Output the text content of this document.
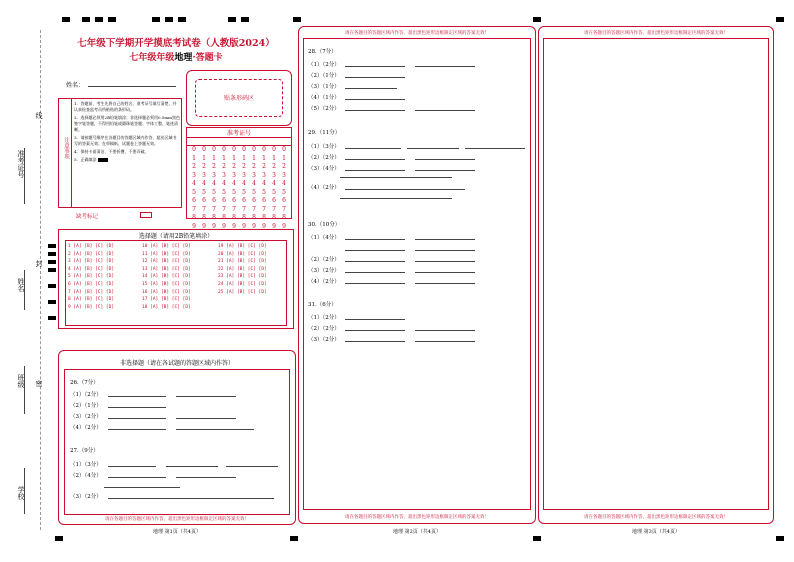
准考证号
姓名
班级
学校
线
封
密
七年级下学期开学摸底考试卷（人教版2024）
七年级年级地理·答题卡
姓名：
贴条形码区
注意事项
1．答题前，考生先将自己的姓名、准考证号填写清楚，并认真检查监考员所粘贴的条形码。
2．选择题必须用2B铅笔填涂；非选择题必须用0.5mm黑色签字笔答题，不得用铅笔或圆珠笔答题；字体工整、笔迹清晰。
3．请按题号顺序在各题目的答题区域内作答，超出区域书写的答案无效；在草稿纸、试题卷上答题无效。
4．保持卡面清洁，不要折叠、不要弄破。
5．正确填涂
缺考标记
准考证号
0
1
2
3
4
5
6
7
8
9
0
1
2
3
4
5
6
7
8
9
0
1
2
3
4
5
6
7
8
9
0
1
2
3
4
5
6
7
8
9
0
1
2
3
4
5
6
7
8
9
0
1
2
3
4
5
6
7
8
9
0
1
2
3
4
5
6
7
8
9
0
1
2
3
4
5
6
7
8
9
0
1
2
3
4
5
6
7
8
9
0
1
2
3
4
5
6
7
8
9
选择题（请用2B铅笔填涂）
1 [A] [B] [C] [D]
2 [A] [B] [C] [D]
3 [A] [B] [C] [D]
4 [A] [B] [C] [D]
5 [A] [B] [C] [D]
6 [A] [B] [C] [D]
7 [A] [B] [C] [D]
8 [A] [B] [C] [D]
9 [A] [B] [C] [D]
10 [A] [B] [C] [D]
11 [A] [B] [C] [D]
12 [A] [B] [C] [D]
13 [A] [B] [C] [D]
14 [A] [B] [C] [D]
15 [A] [B] [C] [D]
16 [A] [B] [C] [D]
17 [A] [B] [C] [D]
18 [A] [B] [C] [D]
19 [A] [B] [C] [D]
20 [A] [B] [C] [D]
21 [A] [B] [C] [D]
22 [A] [B] [C] [D]
23 [A] [B] [C] [D]
24 [A] [B] [C] [D]
25 [A] [B] [C] [D]
非选择题（请在各试题的答题区域内作答）
26.（7分）
（1）（2分）
（2）（1分）
（3）（2分）
（4）（2分）
27.（9分）
（1）（3分）
（2）（4分）
（3）（2分）
请在各题目的答题区域内作答，超出黑色矩形边框限定区域的答案无效！
地理 第1页（共4页）
请在各题目的答题区域内作答，超出黑色矩形边框限定区域的答案无效！
28.（7分）
（1）（2分）
（2）（1分）
（3）（1分）
（4）（1分）
（5）（2分）
29.（11分）
（1）（3分）
（2）（2分）
（3）（4分）
（4）（2分）
30.（10分）
（1）（4分）
（2）（2分）
（3）（2分）
（4）（2分）
31.（6分）
（1）（2分）
（2）（2分）
（3）（2分）
请在各题目的答题区域内作答，超出黑色矩形边框限定区域的答案无效！
地理 第2页（共4页）
请在各题目的答题区域内作答，超出黑色矩形边框限定区域的答案无效！
请在各题目的答题区域内作答，超出黑色矩形边框限定区域的答案无效！
地理 第3页（共4页）
